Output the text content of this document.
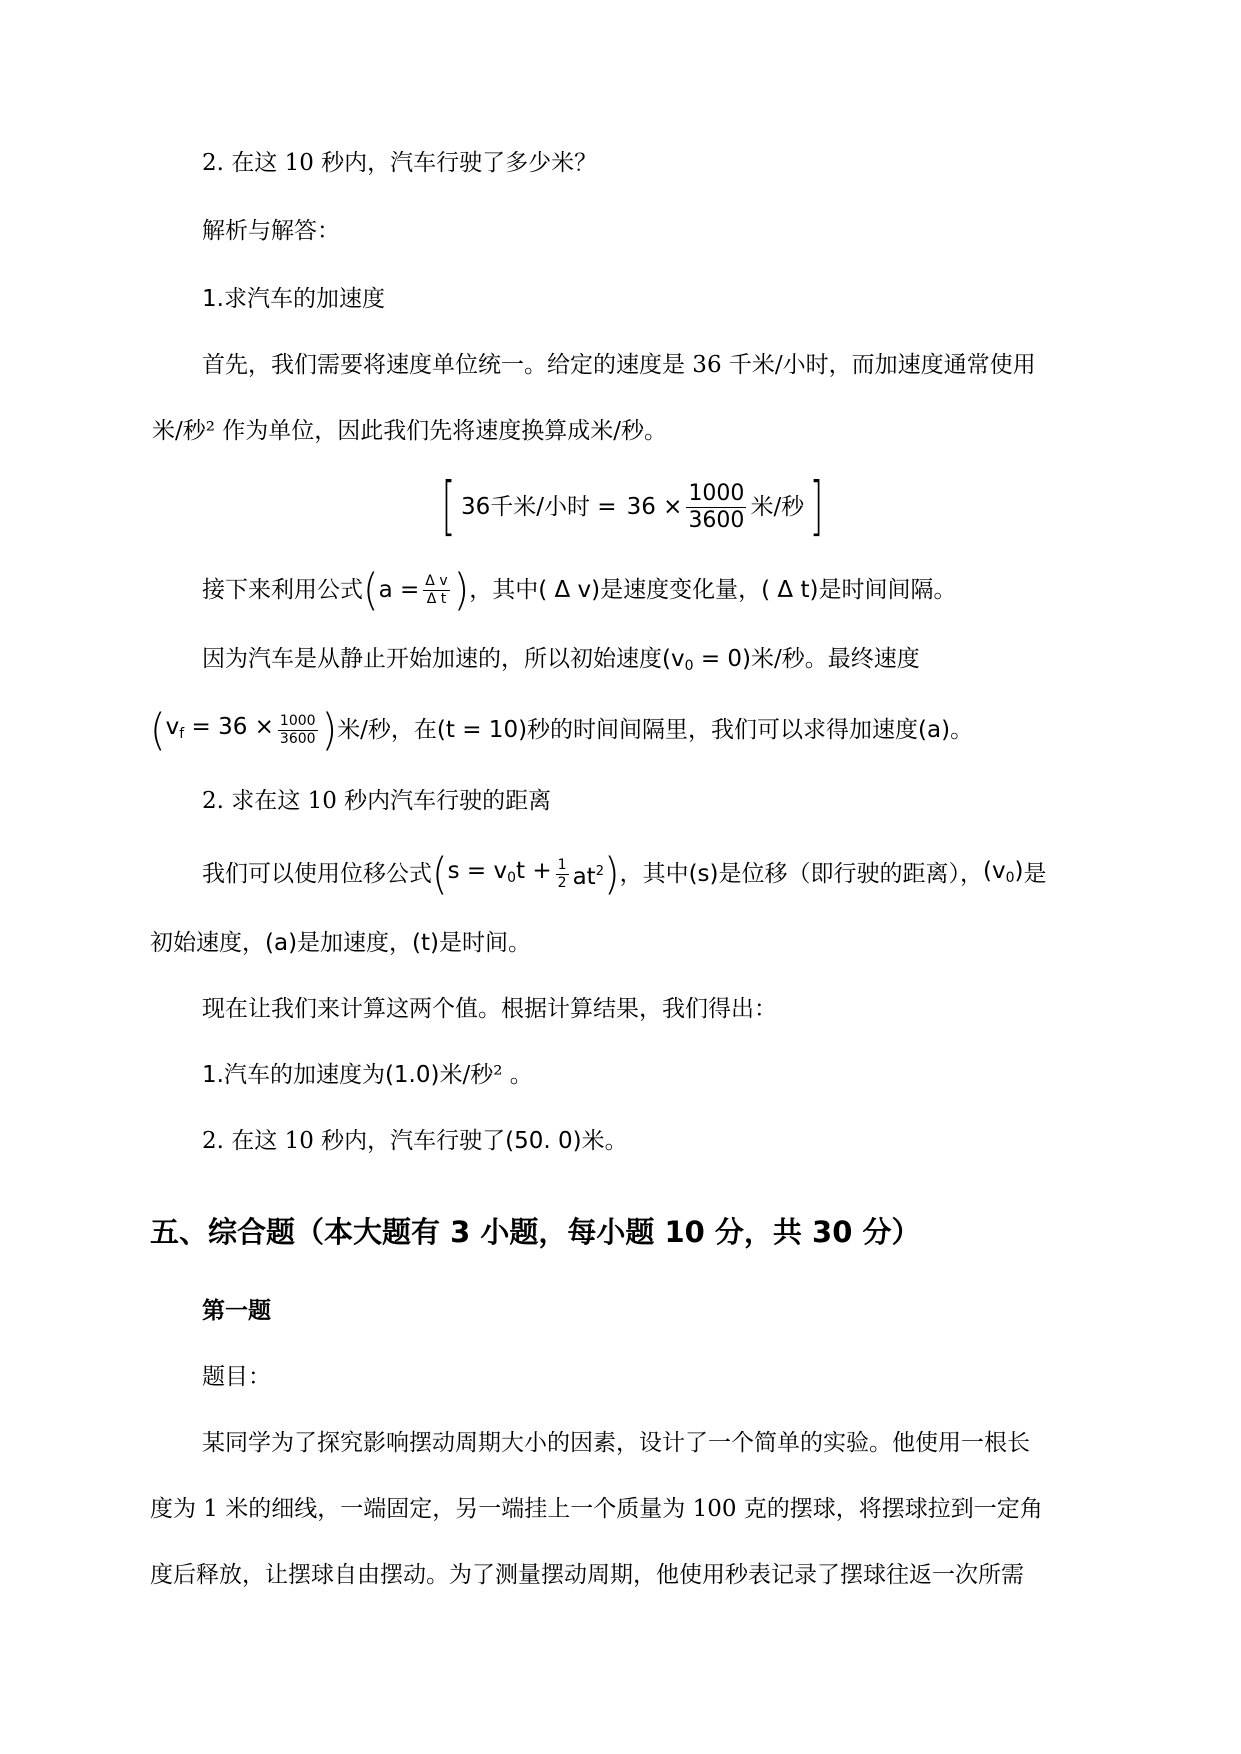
2. 在这 10 秒内，汽车行驶了多少米？
解析与解答：
1.求汽车的加速度
首先，我们需要将速度单位统一。给定的速度是 36 千米/小时，而加速度通常使用
米/秒² 作为单位，因此我们先将速度换算成米/秒。
[ 36千米/小时 = $36 \times \frac{1000}{3600}$ 米/秒 ]
接下来利用公式 ( $a = \frac{\text{Δ v}}{\text{Δ t}}$ ) ，其中 ( Δ v) 是速度变化量， ( Δ t) 是时间间隔。
因为汽车是从静止开始加速的，所以初始速度$(v_0 = 0)$米/秒。最终速度
( $v_f = 36 \times \frac{1000}{3600}$ ) 米/秒，在 (t = 10) 秒的时间间隔里，我们可以求得加速度 (a) 。
2. 求在这 10 秒内汽车行驶的距离
我们可以使用位移公式 ( $s = v_0t + \frac{1}{2} at^2$ ) ，其中 (s) 是位移（即行驶的距离）， $(v_0)$ 是
初始速度，(a)是加速度，(t)是时间。
现在让我们来计算这两个值。根据计算结果，我们得出：
1.汽车的加速度为(1.0)米/秒² 。
2. 在这 10 秒内，汽车行驶了(50. 0)米。
五、综合题（本大题有 3 小题，每小题 10 分，共 30 分）
第一题
题目：
某同学为了探究影响摆动周期大小的因素，设计了一个简单的实验。他使用一根长
度为 1 米的细线，一端固定，另一端挂上一个质量为 100 克的摆球，将摆球拉到一定角
度后释放，让摆球自由摆动。为了测量摆动周期，他使用秒表记录了摆球往返一次所需
